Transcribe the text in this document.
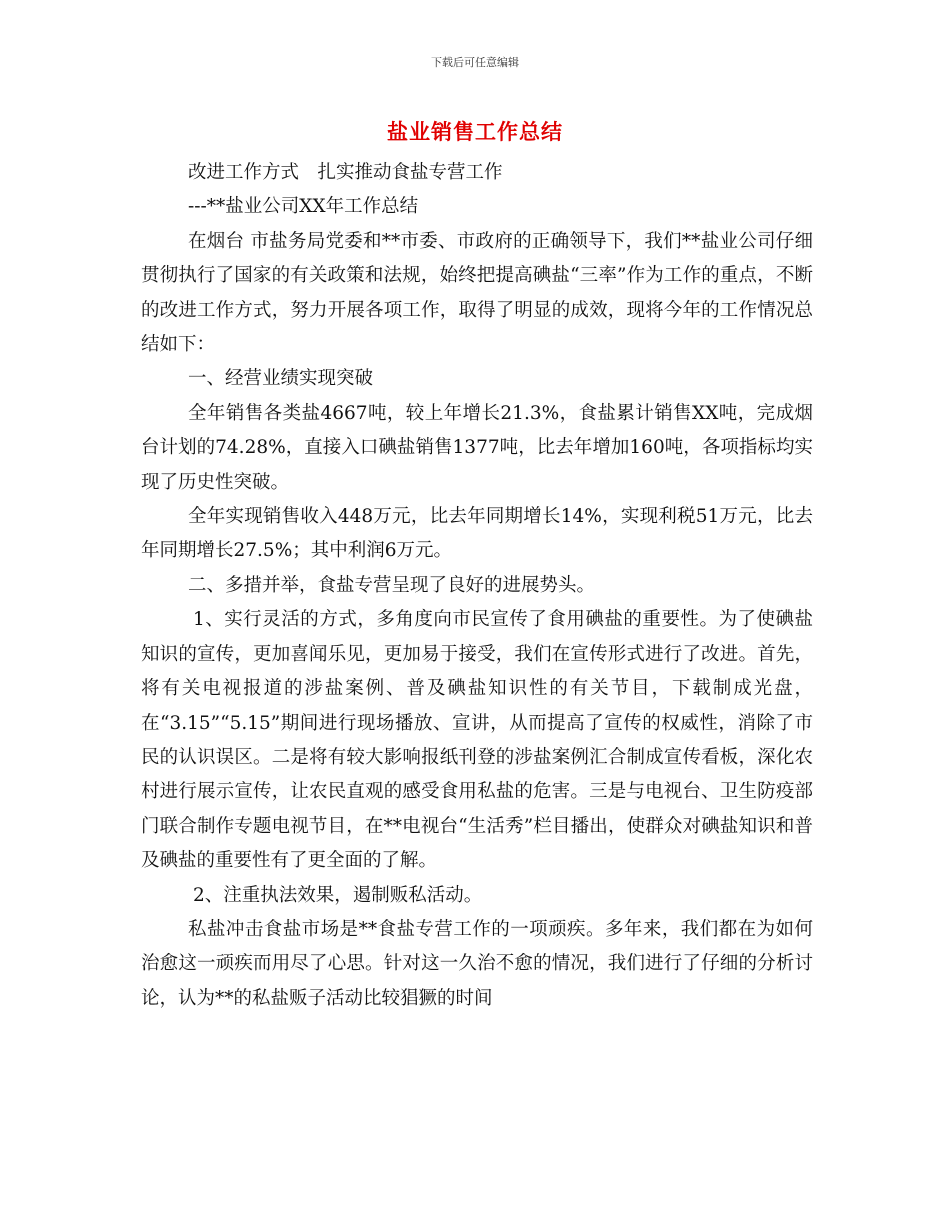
下载后可任意编辑
盐业销售工作总结

改进工作方式　扎实推动食盐专营工作

---**盐业公司XX年工作总结

在烟台 市盐务局党委和**市委、市政府的正确领导下，我们**盐业公司仔细贯彻执行了国家的有关政策和法规，始终把提高碘盐“三率”作为工作的重点，不断的改进工作方式，努力开展各项工作，取得了明显的成效，现将今年的工作情况总结如下：

一、经营业绩实现突破

全年销售各类盐4667吨，较上年增长21.3%，食盐累计销售XX吨，完成烟台计划的74.28%，直接入口碘盐销售1377吨，比去年增加160吨，各项指标均实现了历史性突破。

全年实现销售收入448万元，比去年同期增长14%，实现利税51万元，比去年同期增长27.5%；其中利润6万元。

二、多措并举，食盐专营呈现了良好的进展势头。

1、实行灵活的方式，多角度向市民宣传了食用碘盐的重要性。为了使碘盐知识的宣传，更加喜闻乐见，更加易于接受，我们在宣传形式进行了改进。首先，将有关电视报道的涉盐案例、普及碘盐知识性的有关节目，下载制成光盘，在“3.15”“5.15”期间进行现场播放、宣讲，从而提高了宣传的权威性，消除了市民的认识误区。二是将有较大影响报纸刊登的涉盐案例汇合制成宣传看板，深化农村进行展示宣传，让农民直观的感受食用私盐的危害。三是与电视台、卫生防疫部门联合制作专题电视节目，在**电视台“生活秀”栏目播出，使群众对碘盐知识和普及碘盐的重要性有了更全面的了解。

2、注重执法效果，遏制贩私活动。

私盐冲击食盐市场是**食盐专营工作的一项顽疾。多年来，我们都在为如何治愈这一顽疾而用尽了心思。针对这一久治不愈的情况，我们进行了仔细的分析讨论，认为**的私盐贩子活动比较猖獗的时间
